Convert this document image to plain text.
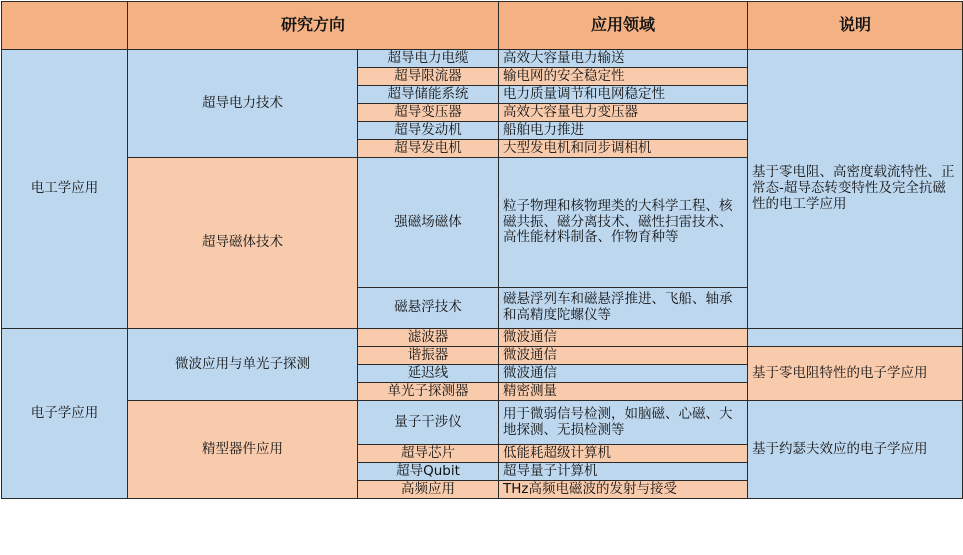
	研究方向		应用领域	说明
电工学应用	超导电力技术	超导电力电缆	高效大容量电力输送	基于零电阻、高密度载流特性、正常态-超导态转变特性及完全抗磁性的电工学应用
		超导限流器	输电网的安全稳定性	
		超导储能系统	电力质量调节和电网稳定性	
		超导变压器	高效大容量电力变压器	
		超导发动机	船舶电力推进	
		超导发电机	大型发电机和同步调相机	
	超导磁体技术	强磁场磁体	粒子物理和核物理类的大科学工程、核磁共振、磁分离技术、磁性扫雷技术、高性能材料制备、作物育种等	
		磁悬浮技术	磁悬浮列车和磁悬浮推进、飞船、轴承和高精度陀螺仪等	
电子学应用	微波应用与单光子探测	滤波器	微波通信	
		谐振器	微波通信	基于零电阻特性的电子学应用
		延迟线	微波通信	
		单光子探测器	精密测量	
	精型器件应用	量子干涉仪	用于微弱信号检测，如脑磁、心磁、大地探测、无损检测等	基于约瑟夫效应的电子学应用
		超导芯片	低能耗超级计算机	
		超导Qubit	超导量子计算机	
		高频应用	THz高频电磁波的发射与接受	
